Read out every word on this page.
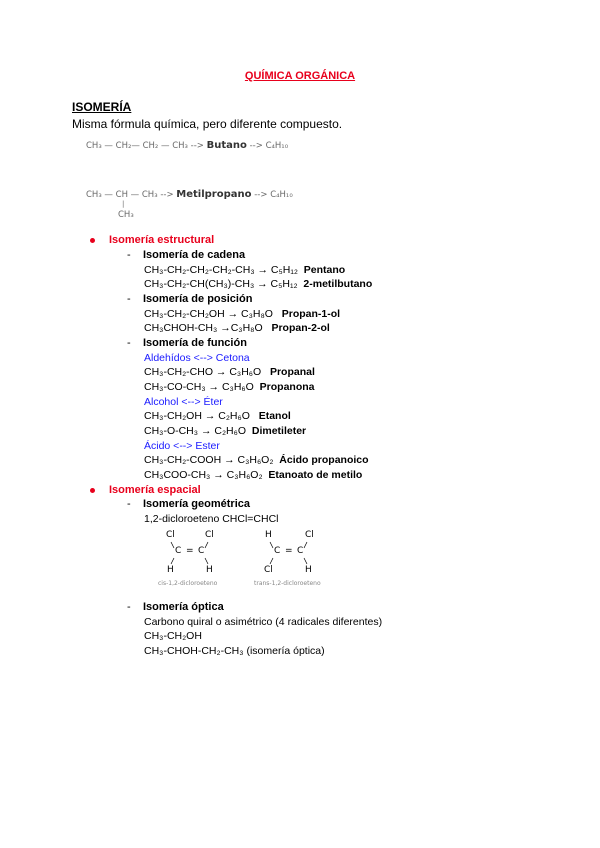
QUÍMICA ORGÁNICA
ISOMERÍA
Misma fórmula química, pero diferente compuesto.
CH₃ — CH₂— CH₂ — CH₃ --> Butano --> C₄H₁₀
CH₃ — CH — CH₃ --> Metilpropano --> C₄H₁₀
|
CH₃
Isomería estructural
- Isomería de cadena
CH₃-CH₂-CH₂-CH₂-CH₃ → C₅H₁₂ Pentano
CH₃-CH₂-CH(CH₃)-CH₃ → C₅H₁₂ 2-metilbutano
- Isomería de posición
CH₃-CH₂-CH₂OH → C₃H₈O Propan-1-ol
CH₃CHOH-CH₃ →C₃H₈O Propan-2-ol
- Isomería de función
Aldehídos <--> Cetona
CH₃-CH₂-CHO → C₃H₆O Propanal
CH₃-CO-CH₃ → C₃H₆O Propanona
Alcohol <--> Éter
CH₃-CH₂OH → C₂H₆O Etanol
CH₃-O-CH₃ → C₂H₆O Dimetileter
Ácido <--> Ester
CH₃-CH₂-COOH → C₃H₆O₂ Ácido propanoico
CH₃COO-CH₃ → C₃H₆O₂ Etanoato de metilo
Isomería espacial
- Isomería geométrica
1,2-dicloroeteno CHCl=CHCl
Cl	Cl
C = C
H	H
cis-1,2-dicloroeteno
H	Cl
C = C
Cl	H
trans-1,2-dicloroeteno
- Isomería óptica
Carbono quiral o asimétrico (4 radicales diferentes)
CH₃-CH₂OH
CH₃-CHOH-CH₂-CH₃ (isomería óptica)
